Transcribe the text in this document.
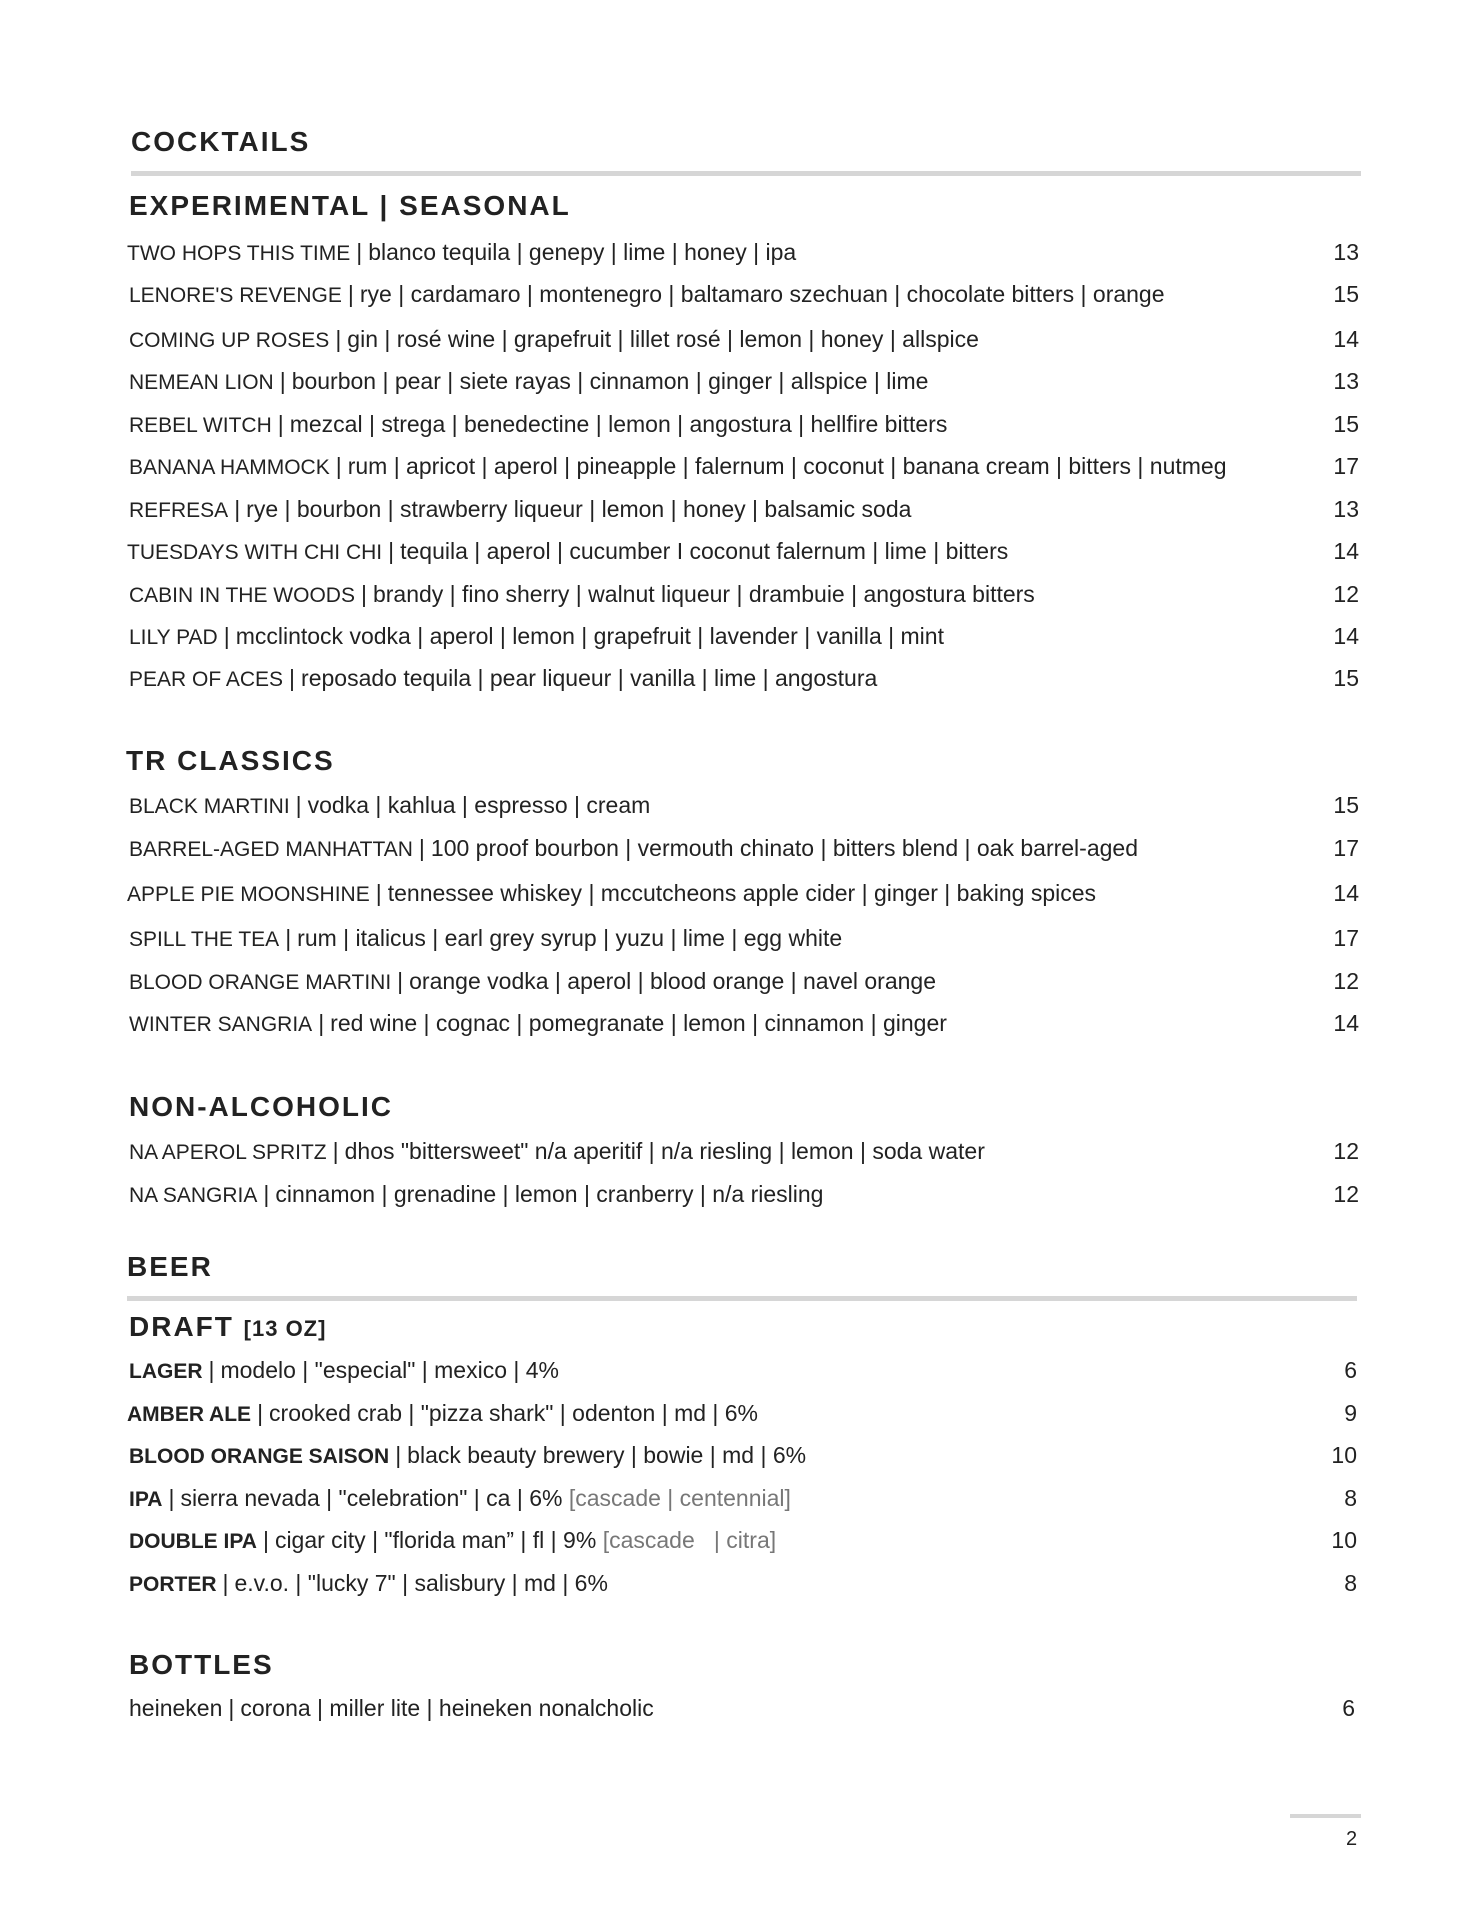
COCKTAILS
EXPERIMENTAL | SEASONAL
TWO HOPS THIS TIME | blanco tequila | genepy | lime | honey | ipa	13
LENORE'S REVENGE | rye | cardamaro | montenegro | baltamaro szechuan | chocolate bitters | orange	15
COMING UP ROSES | gin | rosé wine | grapefruit | lillet rosé | lemon | honey | allspice	14
NEMEAN LION | bourbon | pear | siete rayas | cinnamon | ginger | allspice | lime	13
REBEL WITCH | mezcal | strega | benedectine | lemon | angostura | hellfire bitters	15
BANANA HAMMOCK | rum | apricot | aperol | pineapple | falernum | coconut | banana cream | bitters | nutmeg	17
REFRESA | rye | bourbon | strawberry liqueur | lemon | honey | balsamic soda	13
TUESDAYS WITH CHI CHI | tequila | aperol | cucumber I coconut falernum | lime | bitters	14
CABIN IN THE WOODS | brandy | fino sherry | walnut liqueur | drambuie | angostura bitters	12
LILY PAD | mcclintock vodka | aperol | lemon | grapefruit | lavender | vanilla | mint	14
PEAR OF ACES | reposado tequila | pear liqueur | vanilla | lime | angostura	15
TR CLASSICS
BLACK MARTINI | vodka | kahlua | espresso | cream	15
BARREL-AGED MANHATTAN | 100 proof bourbon | vermouth chinato | bitters blend | oak barrel-aged	17
APPLE PIE MOONSHINE | tennessee whiskey | mccutcheons apple cider | ginger | baking spices	14
SPILL THE TEA | rum | italicus | earl grey syrup | yuzu | lime | egg white	17
BLOOD ORANGE MARTINI | orange vodka | aperol | blood orange | navel orange	12
WINTER SANGRIA | red wine | cognac | pomegranate | lemon | cinnamon | ginger	14
NON-ALCOHOLIC
NA APEROL SPRITZ | dhos "bittersweet" n/a aperitif | n/a riesling | lemon | soda water	12
NA SANGRIA | cinnamon | grenadine | lemon | cranberry | n/a riesling	12
BEER
DRAFT [13 OZ]
LAGER | modelo | "especial" | mexico | 4%	6
AMBER ALE | crooked crab | "pizza shark" | odenton | md | 6%	9
BLOOD ORANGE SAISON | black beauty brewery | bowie | md | 6%	10
IPA | sierra nevada | "celebration" | ca | 6% [cascade | centennial]	8
DOUBLE IPA | cigar city | "florida man” | fl | 9% [cascade   | citra]	10
PORTER | e.v.o. | "lucky 7" | salisbury | md | 6%	8
BOTTLES
heineken | corona | miller lite | heineken nonalcholic	6
2
